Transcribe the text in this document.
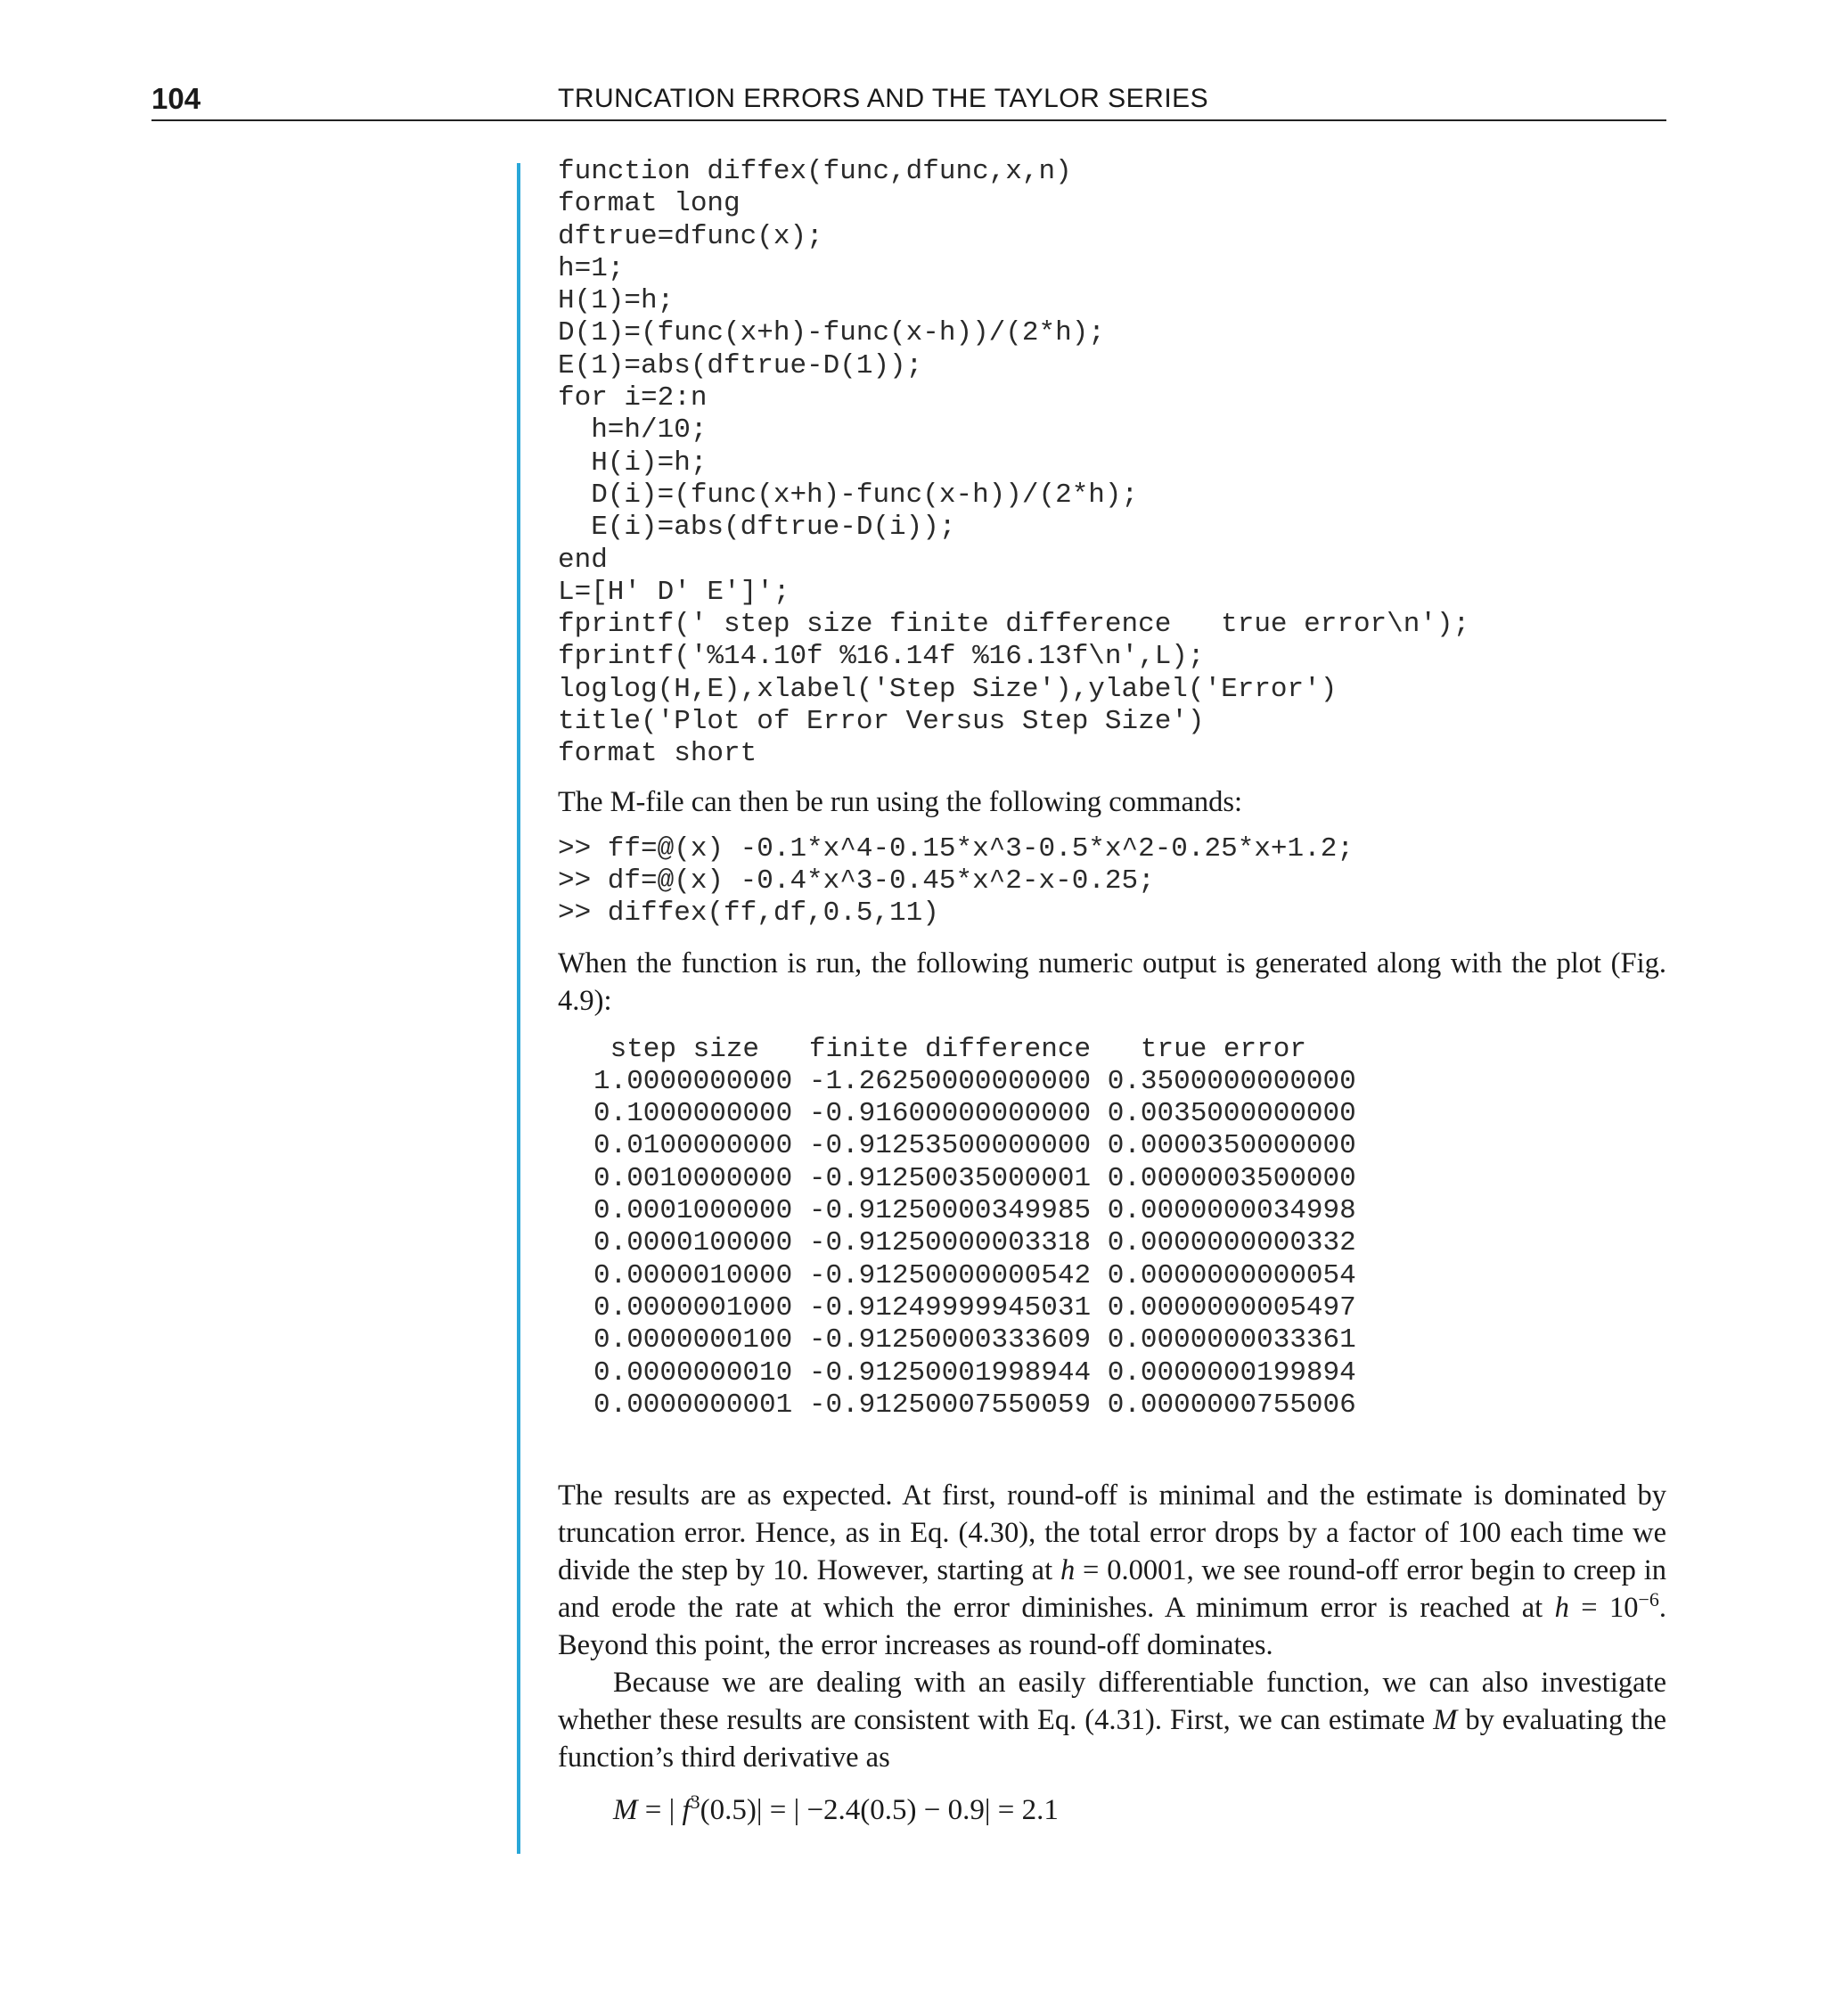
104	TRUNCATION ERRORS AND THE TAYLOR SERIES
function diffex(func,dfunc,x,n)
format long
dftrue=dfunc(x);
h=1;
H(1)=h;
D(1)=(func(x+h)-func(x-h))/(2*h);
E(1)=abs(dftrue-D(1));
for i=2:n
h=h/10;
H(i)=h;
D(i)=(func(x+h)-func(x-h))/(2*h);
E(i)=abs(dftrue-D(i));
end
L=[H' D' E']';
fprintf(' step size finite difference   true error\n');
fprintf('%14.10f %16.14f %16.13f\n',L);
loglog(H,E),xlabel('Step Size'),ylabel('Error')
title('Plot of Error Versus Step Size')
format short

The M-file can then be run using the following commands:

>> ff=@(x) -0.1*x^4-0.15*x^3-0.5*x^2-0.25*x+1.2;
>> df=@(x) -0.4*x^3-0.45*x^2-x-0.25;
>> diffex(ff,df,0.5,11)

When the function is run, the following numeric output is generated along with the plot (Fig. 4.9):

step size   finite difference   true error
1.0000000000 -1.26250000000000 0.3500000000000
0.1000000000 -0.91600000000000 0.0035000000000
0.0100000000 -0.91253500000000 0.0000350000000
0.0010000000 -0.91250035000001 0.0000003500000
0.0001000000 -0.91250000349985 0.0000000034998
0.0000100000 -0.91250000003318 0.0000000000332
0.0000010000 -0.91250000000542 0.0000000000054
0.0000001000 -0.91249999945031 0.0000000005497
0.0000000100 -0.91250000333609 0.0000000033361
0.0000000010 -0.91250001998944 0.0000000199894
0.0000000001 -0.91250007550059 0.0000000755006

The results are as expected. At first, round-off is minimal and the estimate is dominated by truncation error. Hence, as in Eq. (4.30), the total error drops by a factor of 100 each time we divide the step by 10. However, starting at h = 0.0001, we see round-off error begin to creep in and erode the rate at which the error diminishes. A minimum error is reached at $h = 10^{-6}$. Beyond this point, the error increases as round-off dominates.
Because we are dealing with an easily differentiable function, we can also investigate whether these results are consistent with Eq. (4.31). First, we can estimate M by evaluating the function’s third derivative as

M = | $f^3(0.5)|$ = | −2.4(0.5) − 0.9| = 2.1
